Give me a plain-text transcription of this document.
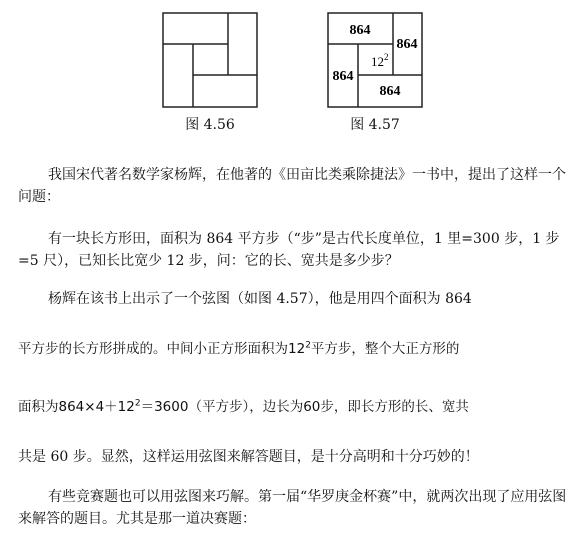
图 4.56
864
864
864
864
$12^2$
图 4.57

我国宋代著名数学家杨辉，在他著的《田亩比类乘除捷法》一书中，提出了这样一个问题：

有一块长方形田，面积为 864 平方步（“步”是古代长度单位，1 里=300 步，1 步=5 尺），已知长比宽少 12 步，问：它的长、宽共是多少步？

杨辉在该书上出示了一个弦图（如图 4.57），他是用四个面积为 864

平方步的长方形拼成的。中间小正方形面积为$12^2$平方步，整个大正方形的

面积为$864\times 4+12^2=3600$（平方步），边长为60步，即长方形的长、宽共

共是 60 步。显然，这样运用弦图来解答题目，是十分高明和十分巧妙的！

有些竞赛题也可以用弦图来巧解。第一届“华罗庚金杯赛”中，就两次出现了应用弦图来解答的题目。尤其是那一道决赛题：
